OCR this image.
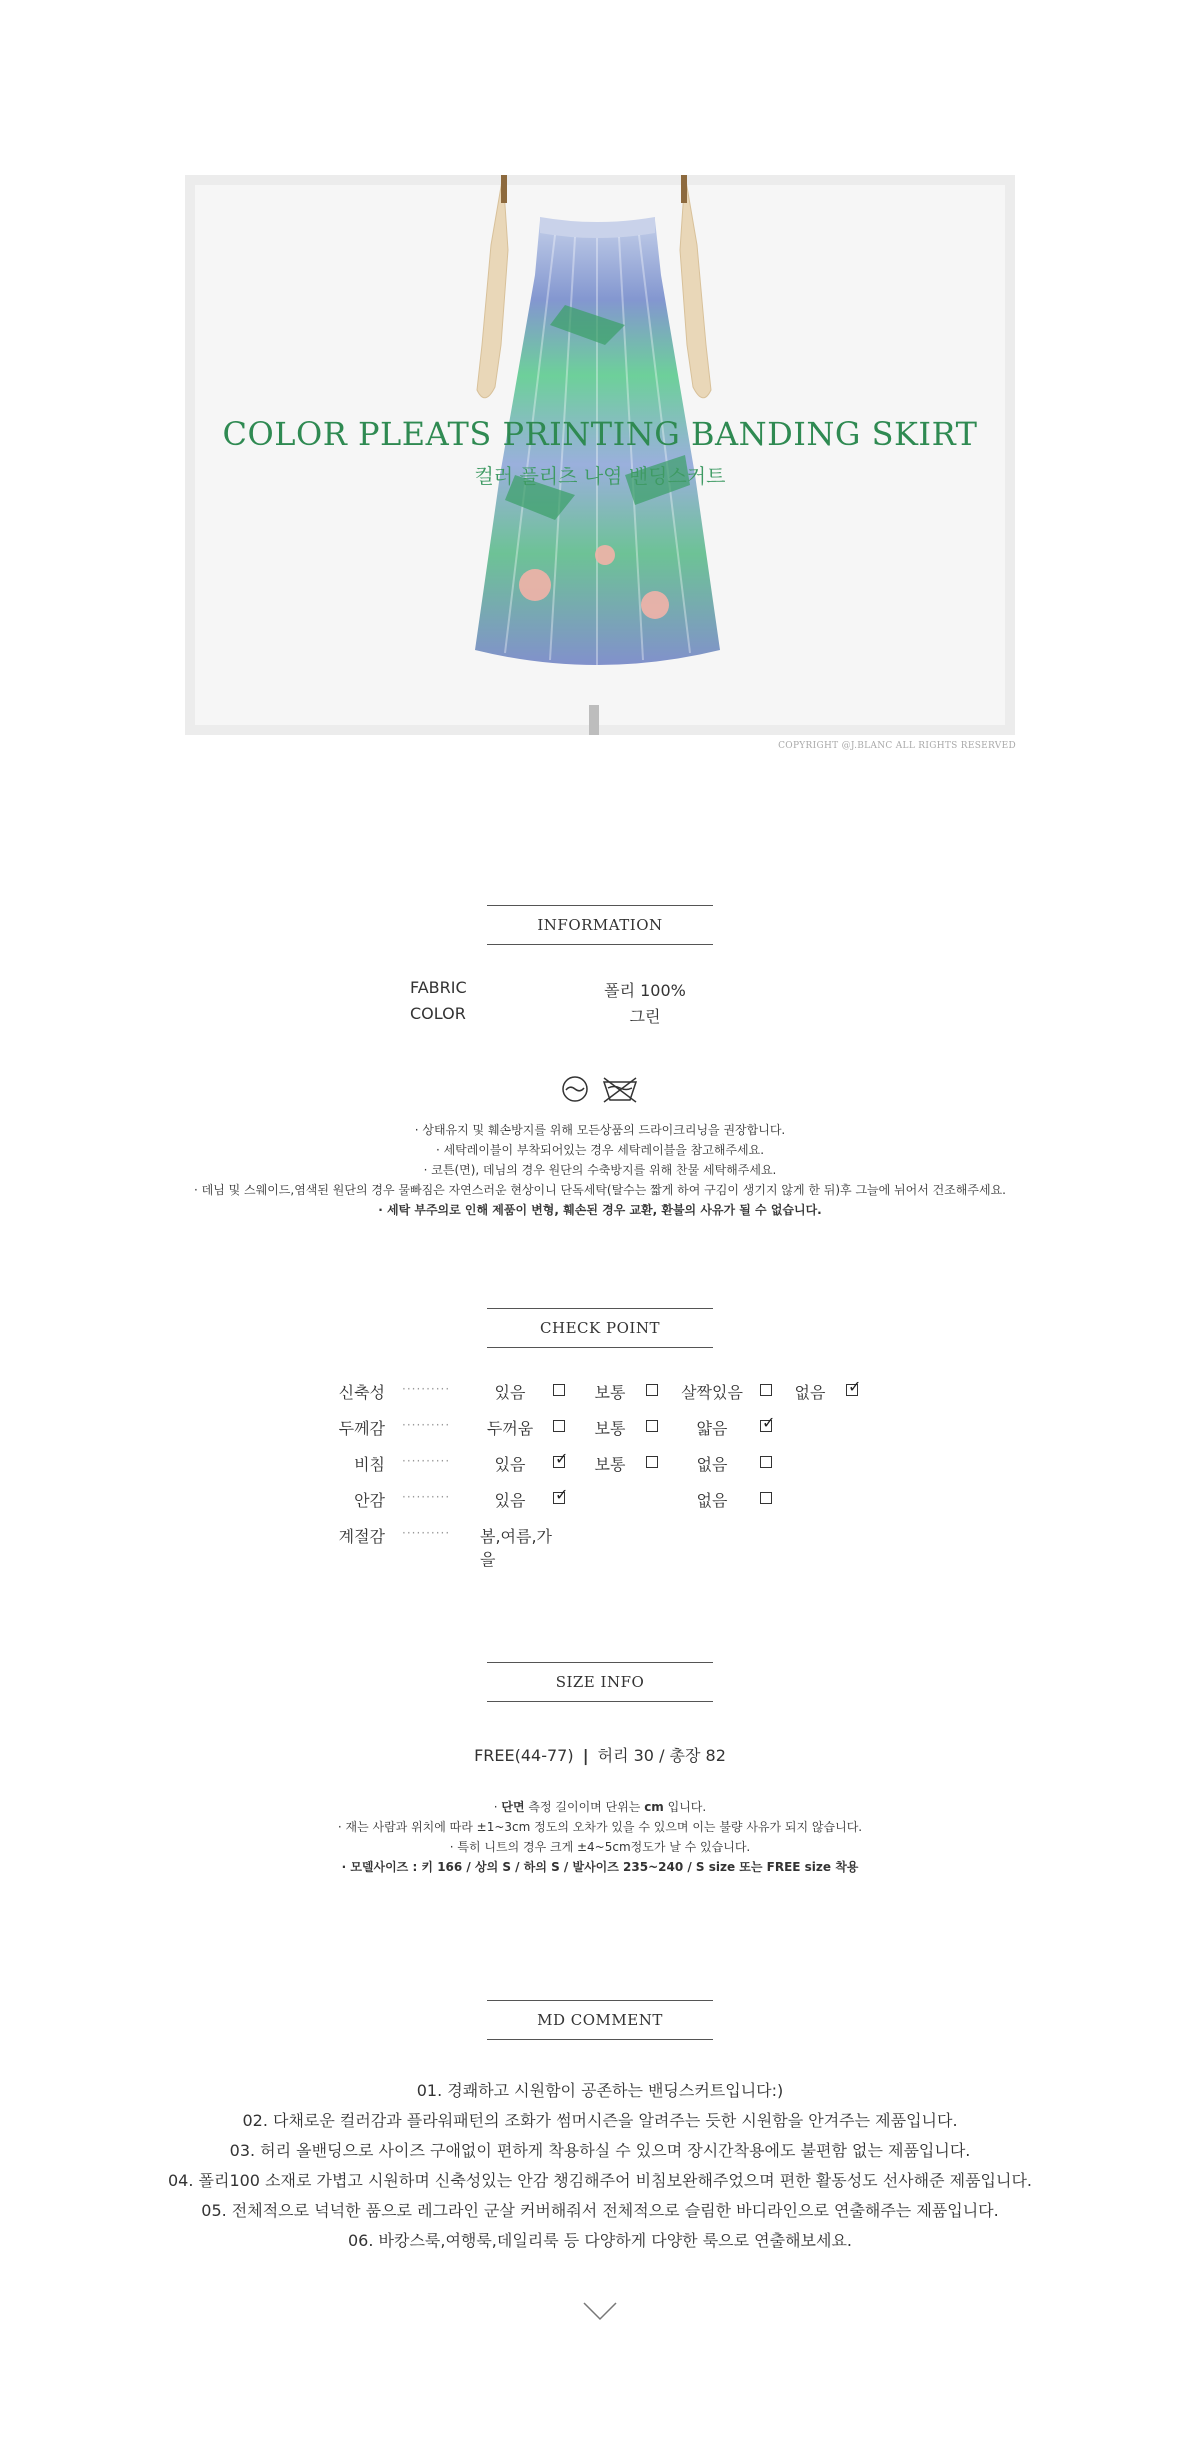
COLOR PLEATS PRINTING BANDING SKIRT
컬러 플리츠 나염 밴딩스커트
COPYRIGHT @J.BLANC ALL RIGHTS RESERVED
INFORMATION
FABRIC	폴리 100%
COLOR	그린
· 상태유지 및 훼손방지를 위해 모든상품의 드라이크리닝을 권장합니다.
· 세탁레이블이 부착되어있는 경우 세탁레이블을 참고해주세요.
· 코튼(면), 데님의 경우 원단의 수축방지를 위해 찬물 세탁해주세요.
· 데님 및 스웨이드,염색된 원단의 경우 물빠짐은 자연스러운 현상이니 단독세탁(탈수는 짧게 하여 구김이 생기지 않게 한 뒤)후 그늘에 뉘어서 건조해주세요.
· 세탁 부주의로 인해 제품이 변형, 훼손된 경우 교환, 환불의 사유가 될 수 없습니다.
CHECK POINT
신축성 ··········	있음	보통	살짝있음	없음	✓
두께감 ··········	두꺼움	보통	얇음	✓
비침 ··········	있음	✓	보통	없음
안감 ··········	있음	✓	없음
계절감 ·········· 봄,여름,가을
SIZE INFO
FREE(44-77) | 허리 30 / 총장 82
· 단면 측정 길이이며 단위는 cm 입니다.
· 재는 사람과 위치에 따라 ±1~3cm 정도의 오차가 있을 수 있으며 이는 불량 사유가 되지 않습니다.
· 특히 니트의 경우 크게 ±4~5cm정도가 날 수 있습니다.
· 모델사이즈 : 키 166 / 상의 S / 하의 S / 발사이즈 235~240 / S size 또는 FREE size 착용
MD COMMENT
01. 경쾌하고 시원함이 공존하는 밴딩스커트입니다:)
02. 다채로운 컬러감과 플라워패턴의 조화가 썸머시즌을 알려주는 듯한 시원함을 안겨주는 제품입니다.
03. 허리 올밴딩으로 사이즈 구애없이 편하게 착용하실 수 있으며 장시간착용에도 불편함 없는 제품입니다.
04. 폴리100 소재로 가볍고 시원하며 신축성있는 안감 챙김해주어 비침보완해주었으며 편한 활동성도 선사해준 제품입니다.
05. 전체적으로 넉넉한 품으로 레그라인 군살 커버해줘서 전체적으로 슬림한 바디라인으로 연출해주는 제품입니다.
06. 바캉스룩,여행룩,데일리룩 등 다양하게 다양한 룩으로 연출해보세요.
